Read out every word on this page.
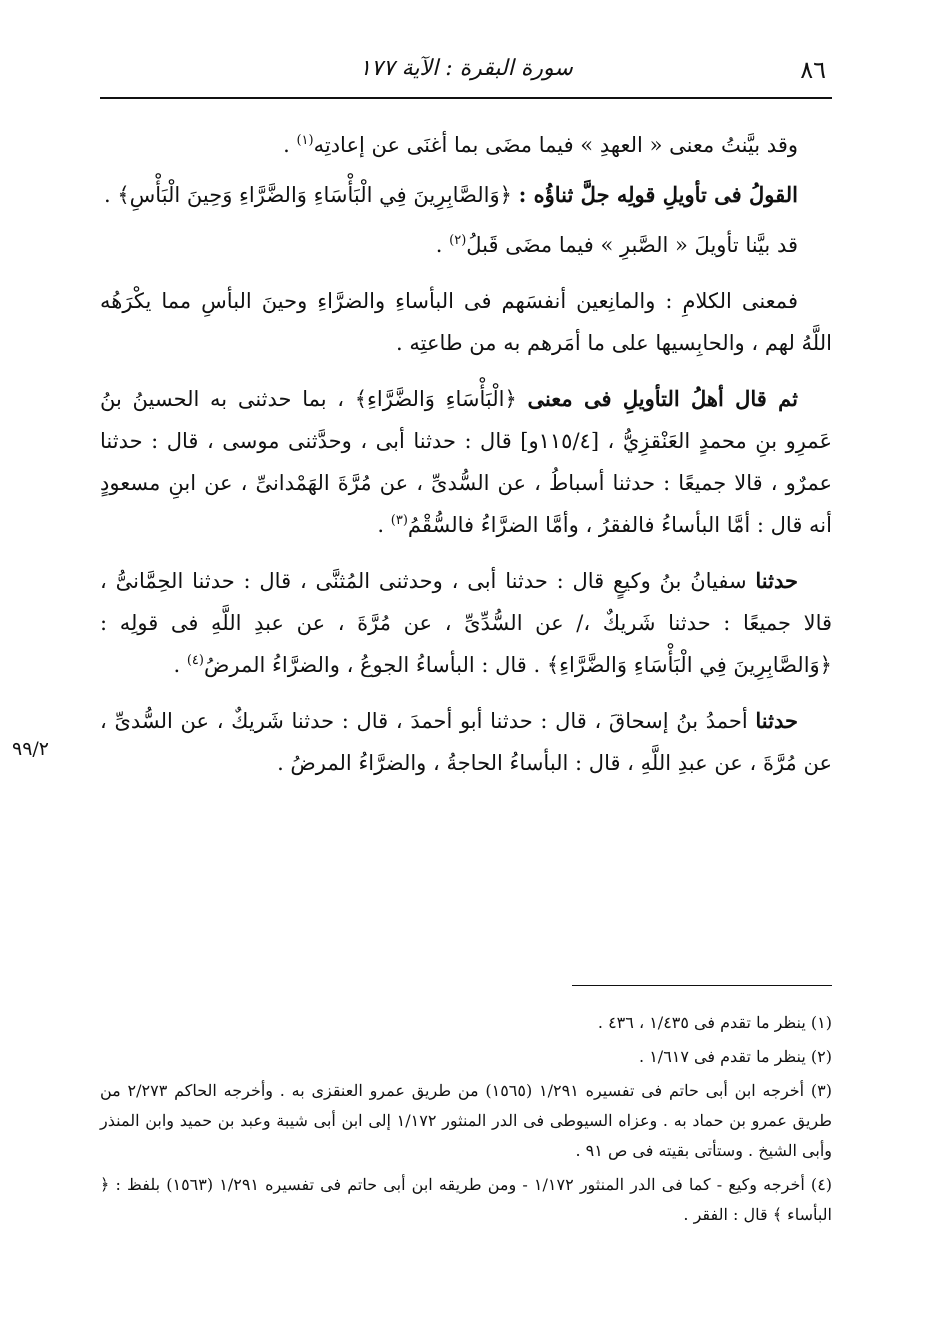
٨٦
سورة البقرة : الآية ١٧٧
٩٩/٢

وقد بيَّنتُ معنى « العهدِ » فيما مضَى بما أغنَى عن إعادتِه$^{(١)}$ .

القولُ فى تأويلِ قولِه جلَّ ثناؤُه : ﴿وَالصَّابِرِينَ فِي الْبَأْسَاءِ وَالضَّرَّاءِ وَحِينَ الْبَأْسِ﴾ .

قد بيَّنا تأويلَ « الصَّبرِ » فيما مضَى قَبلُ$^{(٢)}$ .

فمعنى الكلامِ : والمانِعين أنفسَهم فى البأساءِ والضرَّاءِ وحينَ البأسِ مما يكْرَهُه اللَّهُ لهم ، والحابِسيها على ما أمَرهم به من طاعتِه .

ثم قال أهلُ التأويلِ فى معنى ﴿الْبَأْسَاءِ وَالضَّرَّاءِ﴾ ، بما حدثنى به الحسينُ بنُ عَمرِو بنِ محمدٍ العَنْقزِيُّ ، [١١٥/٤و] قال : حدثنا أبى ، وحدَّثنى موسى ، قال : حدثنا عمرٌو ، قالا جميعًا : حدثنا أسباطُ ، عن السُّدىِّ ، عن مُرَّةَ الهَمْدانىِّ ، عن ابنِ مسعودٍ أنه قال : أمَّا البأساءُ فالفقرُ ، وأمَّا الضرَّاءُ فالسُّقْمُ$^{(٣)}$ .

حدثنا سفيانُ بنُ وكيعٍ قال : حدثنا أبى ، وحدثنى المُثنَّى ، قال : حدثنا الحِمَّانىُّ ، قالا جميعًا : حدثنا شَريكٌ ،/ عن السُّدِّىِّ ، عن مُرَّةَ ، عن عبدِ اللَّهِ فى قولِه : ﴿وَالصَّابِرِينَ فِي الْبَأْسَاءِ وَالضَّرَّاءِ﴾ . قال : البأساءُ الجوعُ ، والضرَّاءُ المرضُ$^{(٤)}$ .

حدثنا أحمدُ بنُ إسحاقَ ، قال : حدثنا أبو أحمدَ ، قال : حدثنا شَريكٌ ، عن السُّدىِّ ، عن مُرَّةَ ، عن عبدِ اللَّهِ ، قال : البأساءُ الحاجةُ ، والضرَّاءُ المرضُ .

(١) ينظر ما تقدم فى ١/٤٣٥ ، ٤٣٦ .

(٢) ينظر ما تقدم فى ١/٦١٧ .

(٣) أخرجه ابن أبى حاتم فى تفسيره ١/٢٩١ (١٥٦٥) من طريق عمرو العنقزى به . وأخرجه الحاكم ٢/٢٧٣ من طريق عمرو بن حماد به . وعزاه السيوطى فى الدر المنثور ١/١٧٢ إلى ابن أبى شيبة وعبد بن حميد وابن المنذر وأبى الشيخ . وستأتى بقيته فى ص ٩١ .

(٤) أخرجه وكيع - كما فى الدر المنثور ١/١٧٢ - ومن طريقه ابن أبى حاتم فى تفسيره ١/٢٩١ (١٥٦٣) بلفظ : ﴿ البأساء ﴾ قال : الفقر .
